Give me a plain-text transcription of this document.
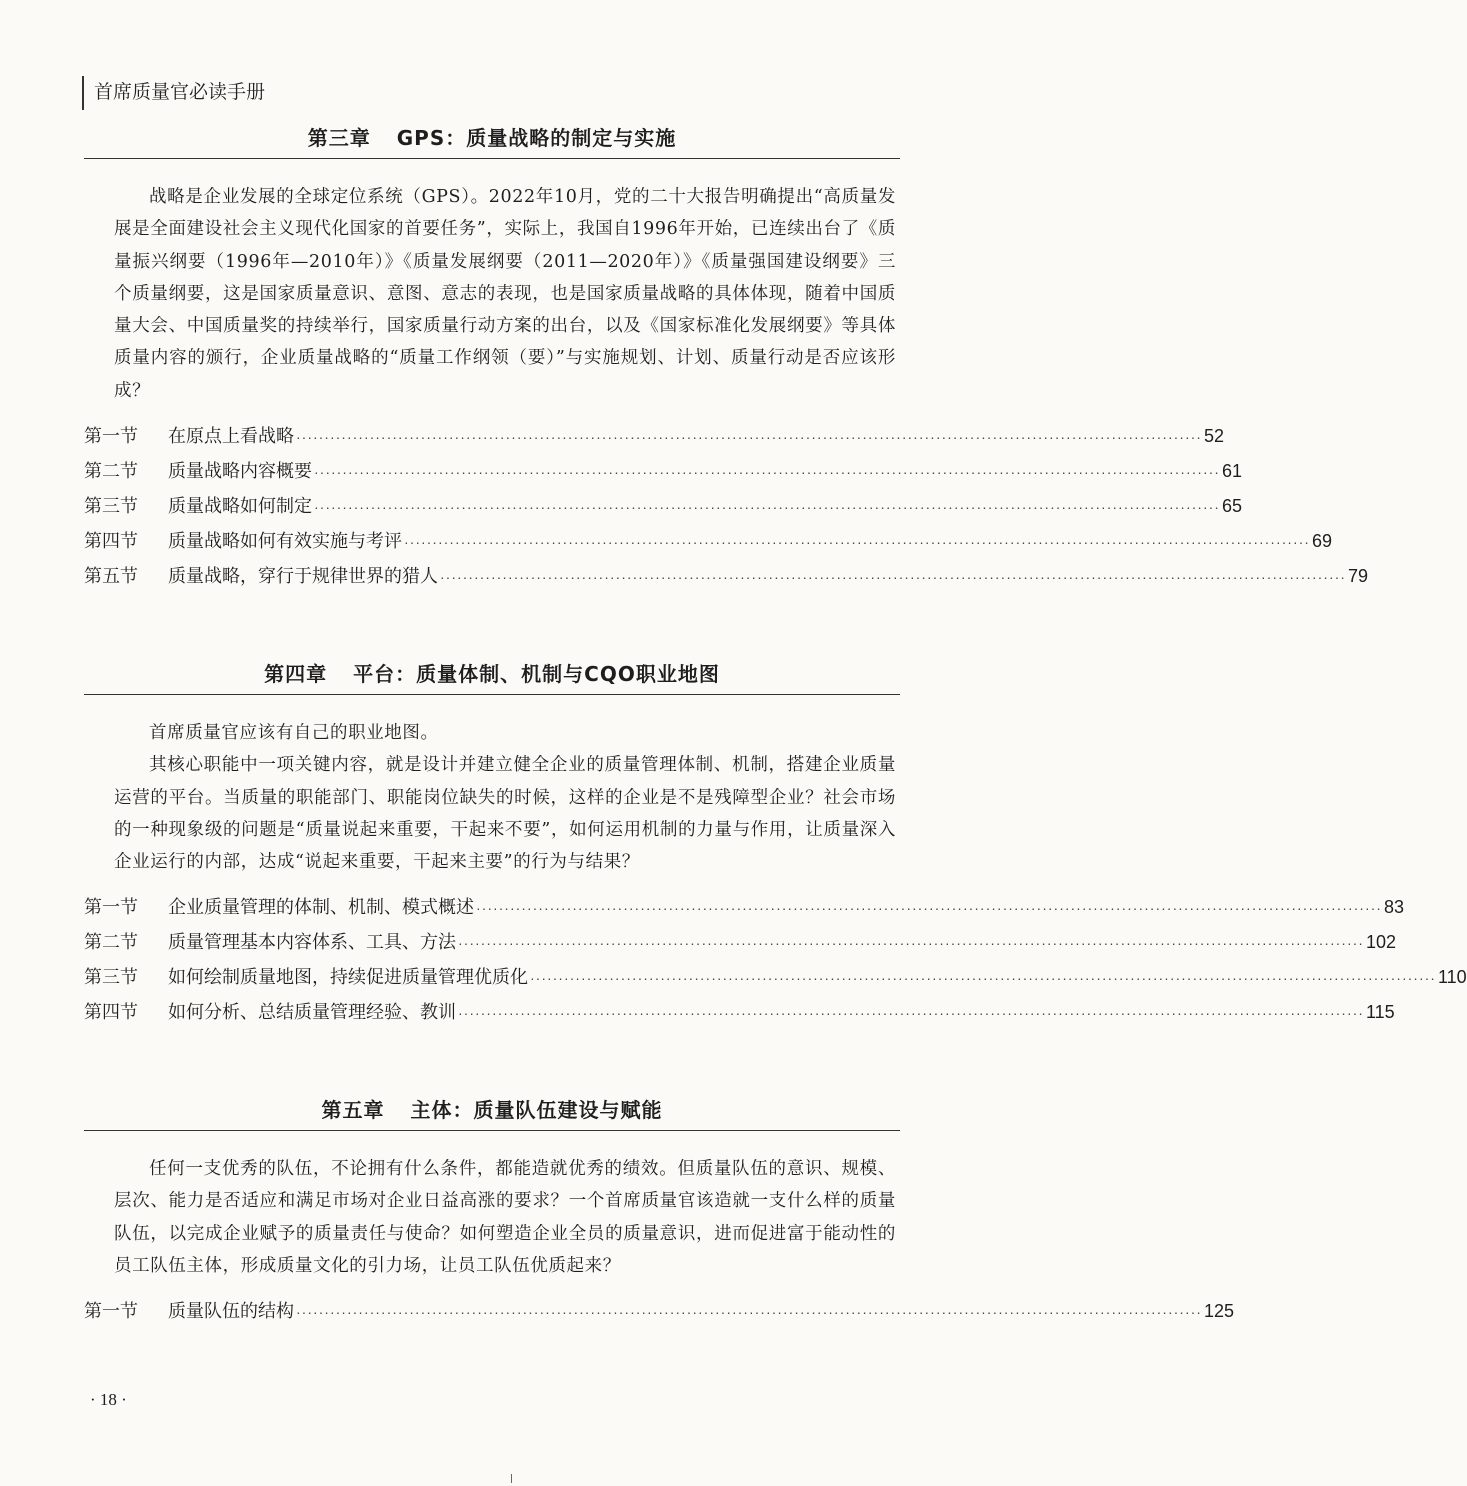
首席质量官必读手册
第三章 GPS：质量战略的制定与实施

战略是企业发展的全球定位系统（GPS）。2022年10月，党的二十大报告明确提出“高质量发展是全面建设社会主义现代化国家的首要任务”，实际上，我国自1996年开始，已连续出台了《质量振兴纲要（1996年—2010年）》《质量发展纲要（2011—2020年）》《质量强国建设纲要》三个质量纲要，这是国家质量意识、意图、意志的表现，也是国家质量战略的具体体现，随着中国质量大会、中国质量奖的持续举行，国家质量行动方案的出台，以及《国家标准化发展纲要》等具体质量内容的颁行，企业质量战略的“质量工作纲领（要）”与实施规划、计划、质量行动是否应该形成？

第一节	在原点上看战略 ································································································································································ 52
第二节	质量战略内容概要 ································································································································································ 61
第三节	质量战略如何制定 ································································································································································ 65
第四节	质量战略如何有效实施与考评 ································································································································································ 69
第五节	质量战略，穿行于规律世界的猎人 ································································································································································ 79
第四章 平台：质量体制、机制与CQO职业地图

首席质量官应该有自己的职业地图。

其核心职能中一项关键内容，就是设计并建立健全企业的质量管理体制、机制，搭建企业质量运营的平台。当质量的职能部门、职能岗位缺失的时候，这样的企业是不是残障型企业？社会市场的一种现象级的问题是“质量说起来重要，干起来不要”，如何运用机制的力量与作用，让质量深入企业运行的内部，达成“说起来重要，干起来主要”的行为与结果？

第一节	企业质量管理的体制、机制、模式概述 ································································································································································ 83
第二节	质量管理基本内容体系、工具、方法 ································································································································································ 102
第三节	如何绘制质量地图，持续促进质量管理优质化 ································································································································································ 110
第四节	如何分析、总结质量管理经验、教训 ································································································································································ 115
第五章 主体：质量队伍建设与赋能

任何一支优秀的队伍，不论拥有什么条件，都能造就优秀的绩效。但质量队伍的意识、规模、层次、能力是否适应和满足市场对企业日益高涨的要求？一个首席质量官该造就一支什么样的质量队伍，以完成企业赋予的质量责任与使命？如何塑造企业全员的质量意识，进而促进富于能动性的员工队伍主体，形成质量文化的引力场，让员工队伍优质起来？

第一节	质量队伍的结构 ································································································································································ 125
· 18 ·
